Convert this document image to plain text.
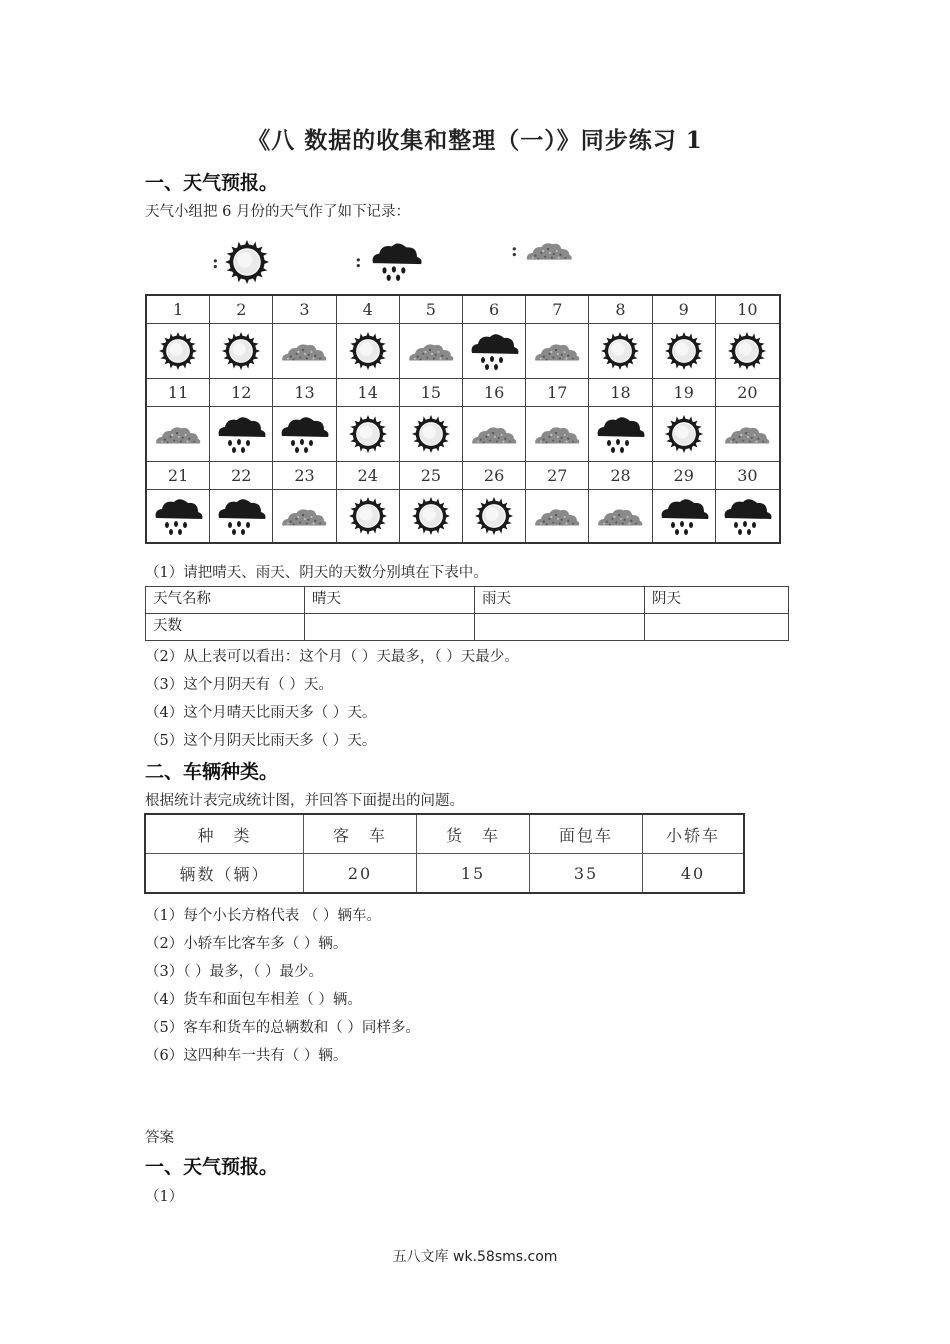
《八 数据的收集和整理（一）》同步练习 1
一、天气预报。
天气小组把 6 月份的天气作了如下记录：
:	:
:
1	2	3	4	5	6	7	8	9	10
11	12	13	14	15	16	17	18	19	20
21	22	23	24	25	26	27	28	29	30
（1）请把晴天、雨天、阴天的天数分别填在下表中。
天气名称	晴天	雨天	阴天
天数			
（2）从上表可以看出：这个月（ ）天最多，（ ）天最少。
（3）这个月阴天有（ ）天。
（4）这个月晴天比雨天多（ ）天。
（5）这个月阴天比雨天多（ ）天。
二、车辆种类。
根据统计表完成统计图，并回答下面提出的问题。
种　类	客　车	货　车	面包车	小轿车
辆数（辆）	20	15	35	40
（1）每个小长方格代表 （ ）辆车。
（2）小轿车比客车多（ ）辆。
（3）（ ）最多，（ ）最少。
（4）货车和面包车相差（ ）辆。
（5）客车和货车的总辆数和（ ）同样多。
（6）这四种车一共有（ ）辆。
答案
一、天气预报。
（1）
五八文库 wk.58sms.com
